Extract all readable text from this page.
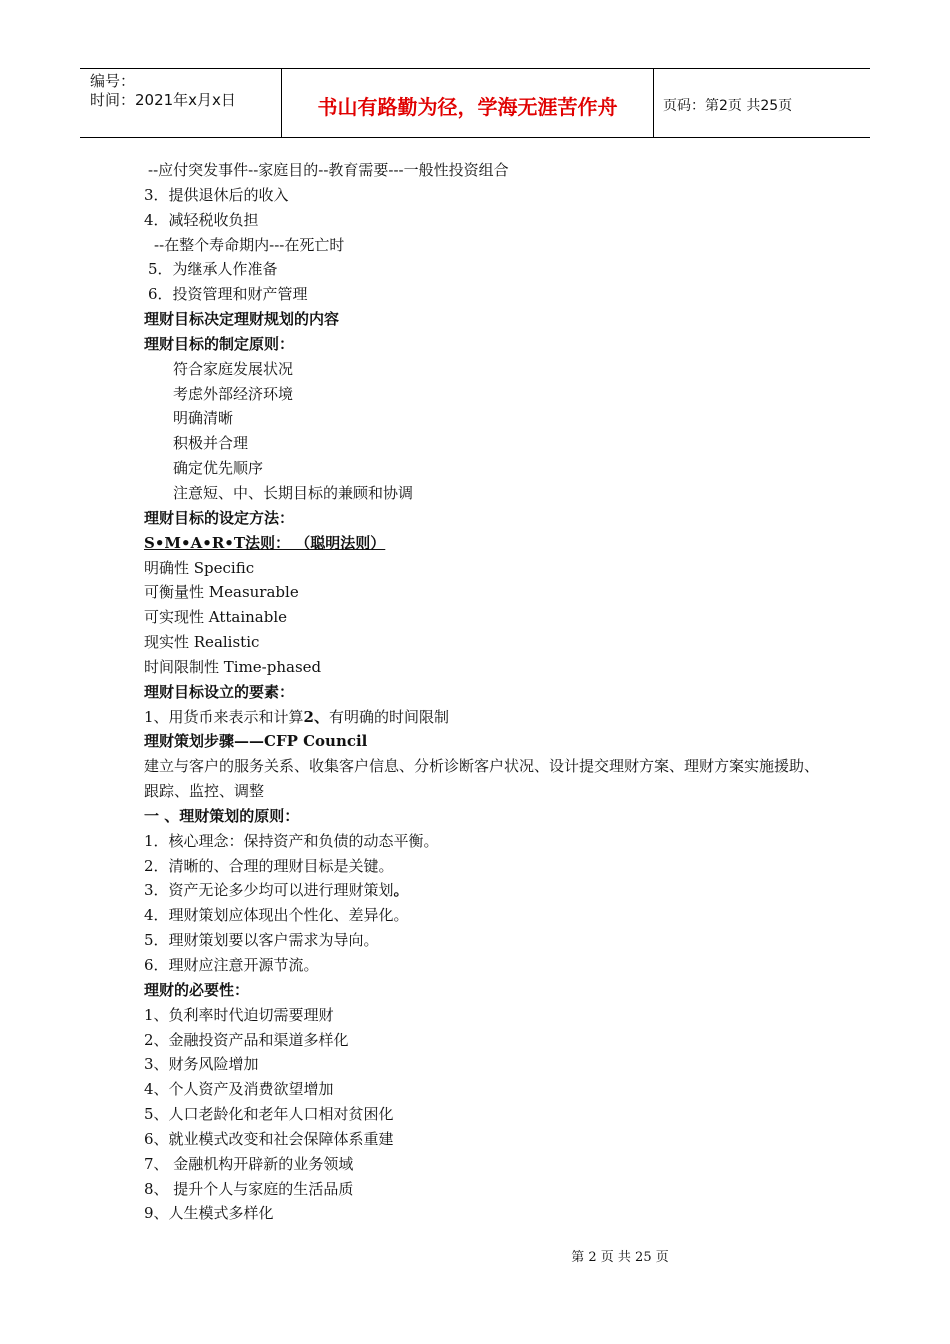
编号：
时间：2021年x月x日	书山有路勤为径，学海无涯苦作舟	页码：第2页 共25页
--应付突发事件--家庭目的--教育需要---一般性投资组合
3．提供退休后的收入
4．减轻税收负担
--在整个寿命期内---在死亡时
5．为继承人作准备
6．投资管理和财产管理
理财目标决定理财规划的内容
理财目标的制定原则：
符合家庭发展状况
考虑外部经济环境
明确清晰
积极并合理
确定优先顺序
注意短、中、长期目标的兼顾和协调
理财目标的设定方法：
S•M•A•R•T法则： （聪明法则）
明确性 Specific
可衡量性 Measurable
可实现性 Attainable
现实性 Realistic
时间限制性 Time-phased
理财目标设立的要素：
1、用货币来表示和计算2、有明确的时间限制
理财策划步骤——CFP Council
建立与客户的服务关系、收集客户信息、分析诊断客户状况、设计提交理财方案、理财方案实施援助、跟踪、监控、调整
一 、理财策划的原则：
1．核心理念：保持资产和负债的动态平衡。
2．清晰的、合理的理财目标是关键。
3．资产无论多少均可以进行理财策划。
4．理财策划应体现出个性化、差异化。
5．理财策划要以客户需求为导向。
6．理财应注意开源节流。
理财的必要性：
1、负利率时代迫切需要理财
2、金融投资产品和渠道多样化
3、财务风险增加
4、个人资产及消费欲望增加
5、人口老龄化和老年人口相对贫困化
6、就业模式改变和社会保障体系重建
7、 金融机构开辟新的业务领域
8、 提升个人与家庭的生活品质
9、人生模式多样化
第 2 页 共 25 页
